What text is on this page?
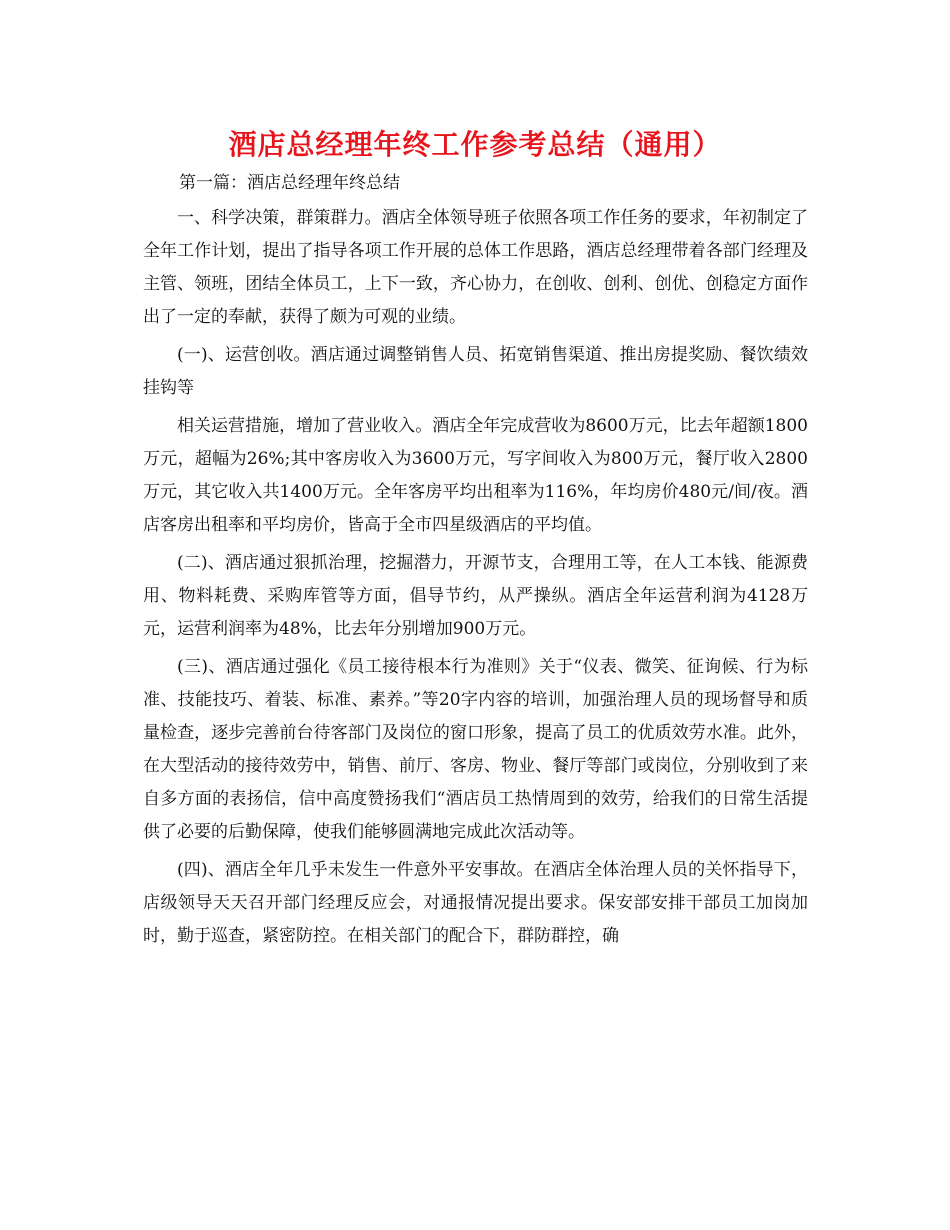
酒店总经理年终工作参考总结（通用）

第一篇：酒店总经理年终总结

一、科学决策，群策群力。酒店全体领导班子依照各项工作任务的要求，年初制定了全年工作计划，提出了指导各项工作开展的总体工作思路，酒店总经理带着各部门经理及主管、领班，团结全体员工，上下一致，齐心协力，在创收、创利、创优、创稳定方面作出了一定的奉献，获得了颇为可观的业绩。

(一)、运营创收。酒店通过调整销售人员、拓宽销售渠道、推出房提奖励、餐饮绩效挂钩等

相关运营措施，增加了营业收入。酒店全年完成营收为8600万元，比去年超额1800万元，超幅为26%;其中客房收入为3600万元，写字间收入为800万元，餐厅收入2800万元，其它收入共1400万元。全年客房平均出租率为116%，年均房价480元/间/夜。酒店客房出租率和平均房价，皆高于全市四星级酒店的平均值。

(二)、酒店通过狠抓治理，挖掘潜力，开源节支，合理用工等，在人工本钱、能源费用、物料耗费、采购库管等方面，倡导节约，从严操纵。酒店全年运营利润为4128万元，运营利润率为48%，比去年分别增加900万元。

(三)、酒店通过强化《员工接待根本行为准则》关于“仪表、微笑、征询候、行为标准、技能技巧、着装、标准、素养。”等20字内容的培训，加强治理人员的现场督导和质量检查，逐步完善前台待客部门及岗位的窗口形象，提高了员工的优质效劳水准。此外，在大型活动的接待效劳中，销售、前厅、客房、物业、餐厅等部门或岗位，分别收到了来自多方面的表扬信，信中高度赞扬我们“酒店员工热情周到的效劳，给我们的日常生活提供了必要的后勤保障，使我们能够圆满地完成此次活动等。

(四)、酒店全年几乎未发生一件意外平安事故。在酒店全体治理人员的关怀指导下，店级领导天天召开部门经理反应会，对通报情况提出要求。保安部安排干部员工加岗加时，勤于巡查，紧密防控。在相关部门的配合下，群防群控，确
